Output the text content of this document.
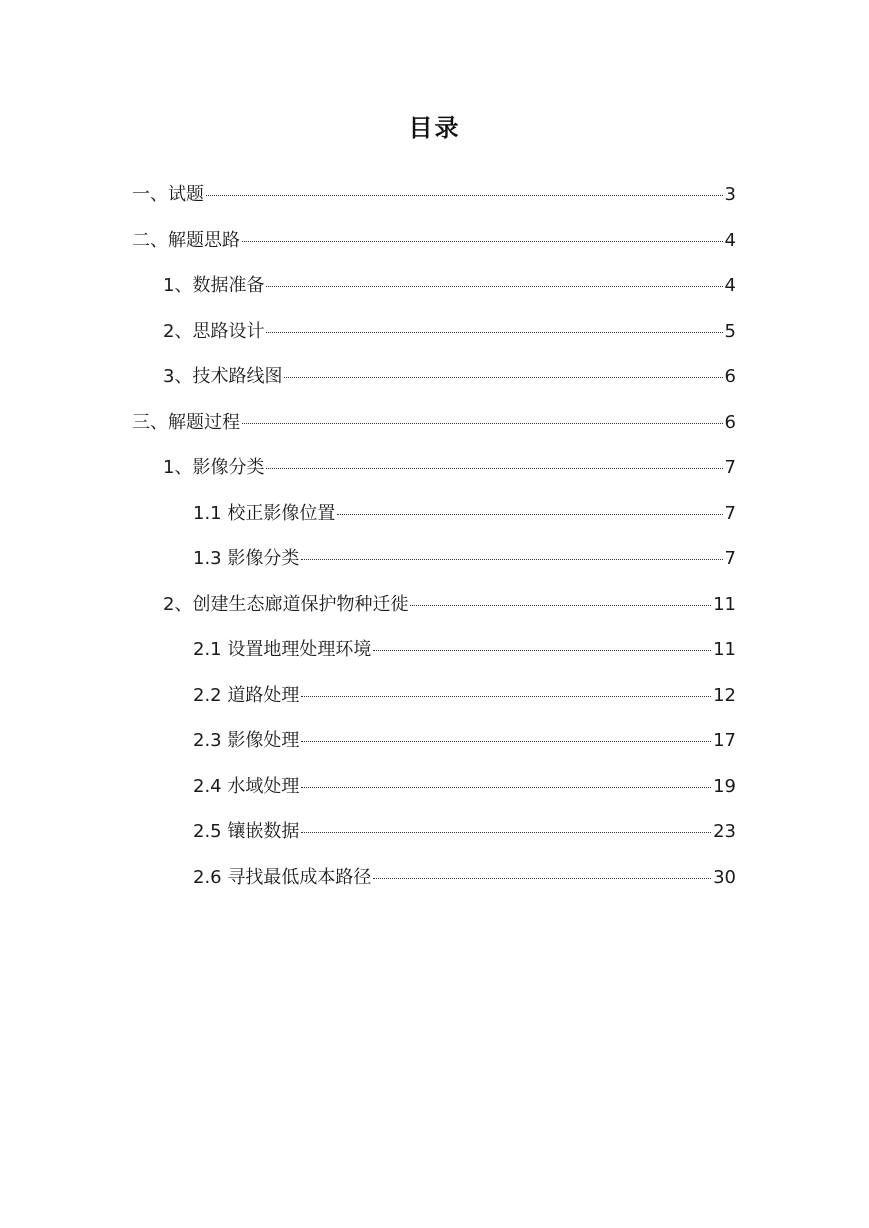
目录
一、试题	3
二、解题思路	4
1、数据准备	4
2、思路设计	5
3、技术路线图	6
三、解题过程	6
1、影像分类	7
1.1 校正影像位置	7
1.3 影像分类	7
2、创建生态廊道保护物种迁徙	11
2.1 设置地理处理环境	11
2.2 道路处理	12
2.3 影像处理	17
2.4 水域处理	19
2.5 镶嵌数据	23
2.6 寻找最低成本路径	30
